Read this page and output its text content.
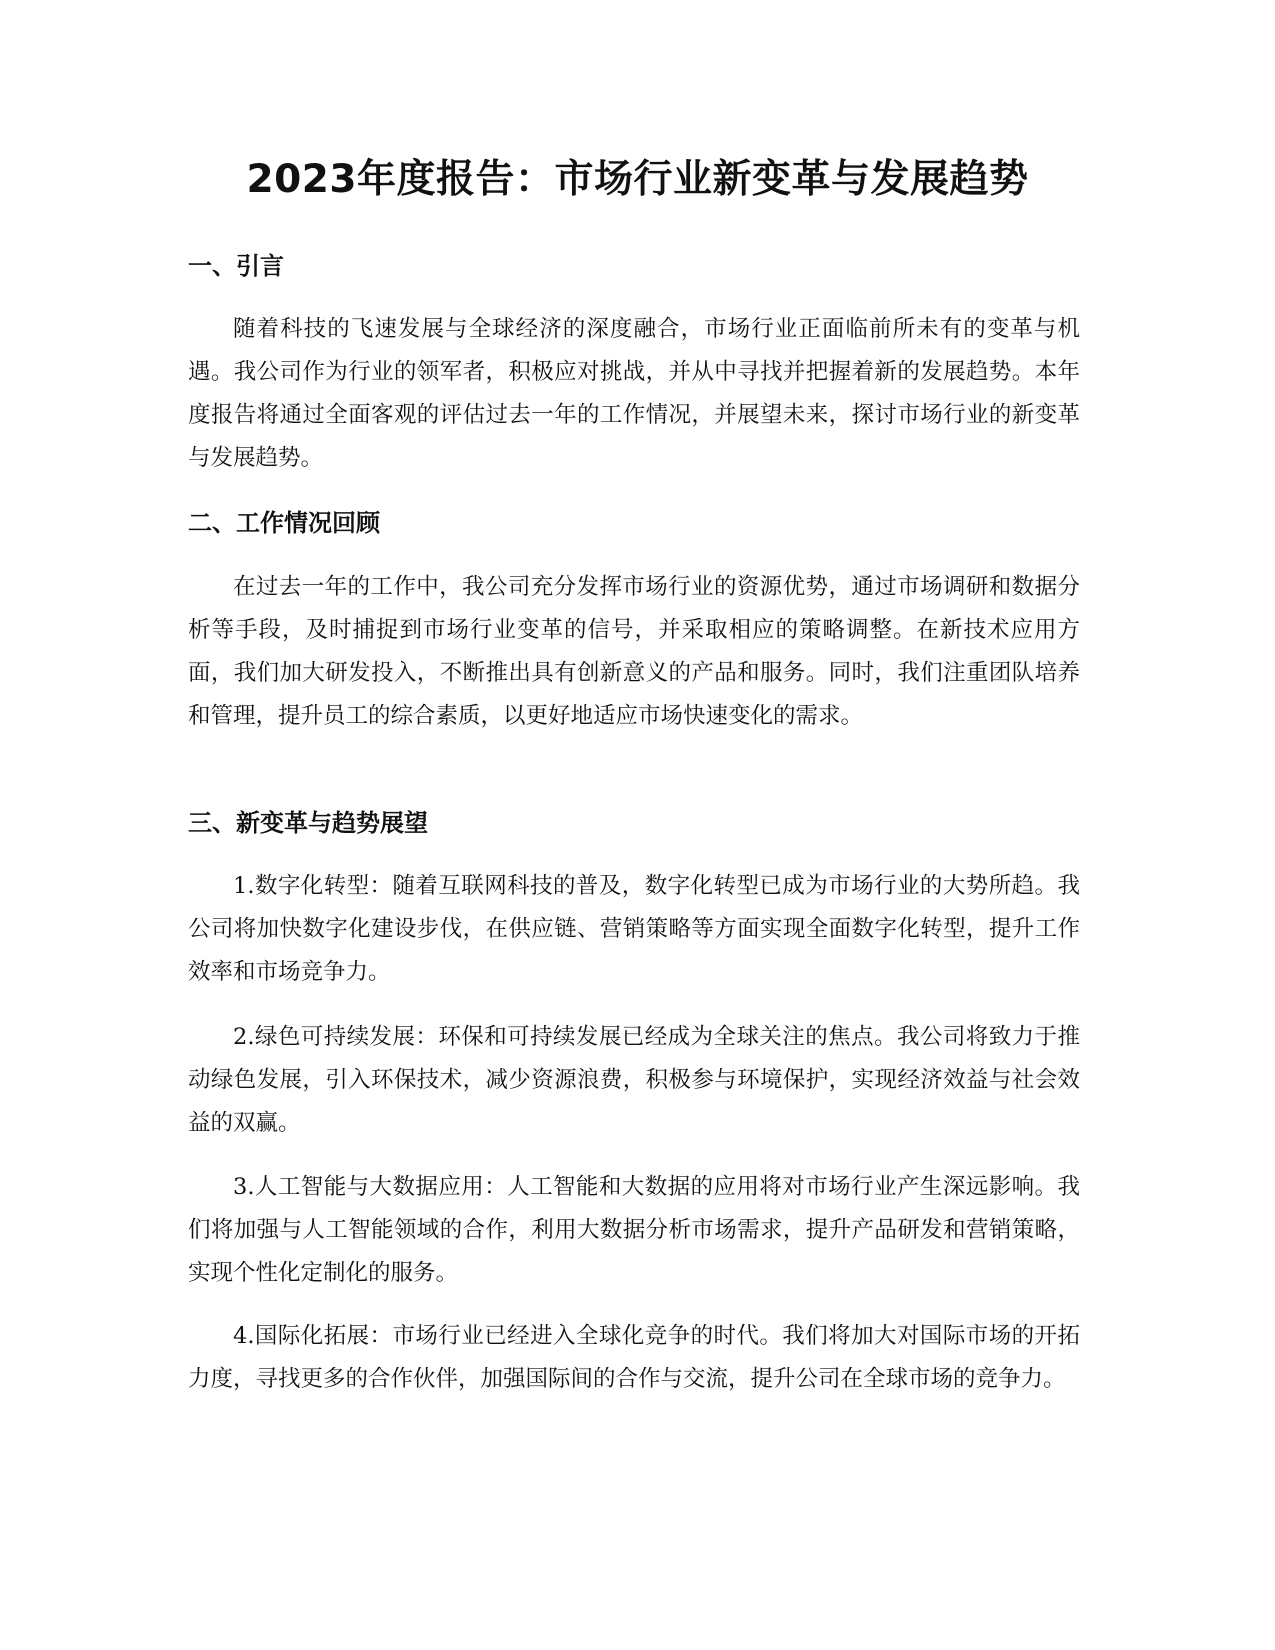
2023年度报告：市场行业新变革与发展趋势
一、引言

随着科技的飞速发展与全球经济的深度融合，市场行业正面临前所未有的变革与机遇。我公司作为行业的领军者，积极应对挑战，并从中寻找并把握着新的发展趋势。本年度报告将通过全面客观的评估过去一年的工作情况，并展望未来，探讨市场行业的新变革与发展趋势。

二、工作情况回顾

在过去一年的工作中，我公司充分发挥市场行业的资源优势，通过市场调研和数据分析等手段，及时捕捉到市场行业变革的信号，并采取相应的策略调整。在新技术应用方面，我们加大研发投入，不断推出具有创新意义的产品和服务。同时，我们注重团队培养和管理，提升员工的综合素质，以更好地适应市场快速变化的需求。

三、新变革与趋势展望

1.数字化转型：随着互联网科技的普及，数字化转型已成为市场行业的大势所趋。我公司将加快数字化建设步伐，在供应链、营销策略等方面实现全面数字化转型，提升工作效率和市场竞争力。

2.绿色可持续发展：环保和可持续发展已经成为全球关注的焦点。我公司将致力于推动绿色发展，引入环保技术，减少资源浪费，积极参与环境保护，实现经济效益与社会效益的双赢。

3.人工智能与大数据应用：人工智能和大数据的应用将对市场行业产生深远影响。我们将加强与人工智能领域的合作，利用大数据分析市场需求，提升产品研发和营销策略，实现个性化定制化的服务。

4.国际化拓展：市场行业已经进入全球化竞争的时代。我们将加大对国际市场的开拓力度，寻找更多的合作伙伴，加强国际间的合作与交流，提升公司在全球市场的竞争力。
